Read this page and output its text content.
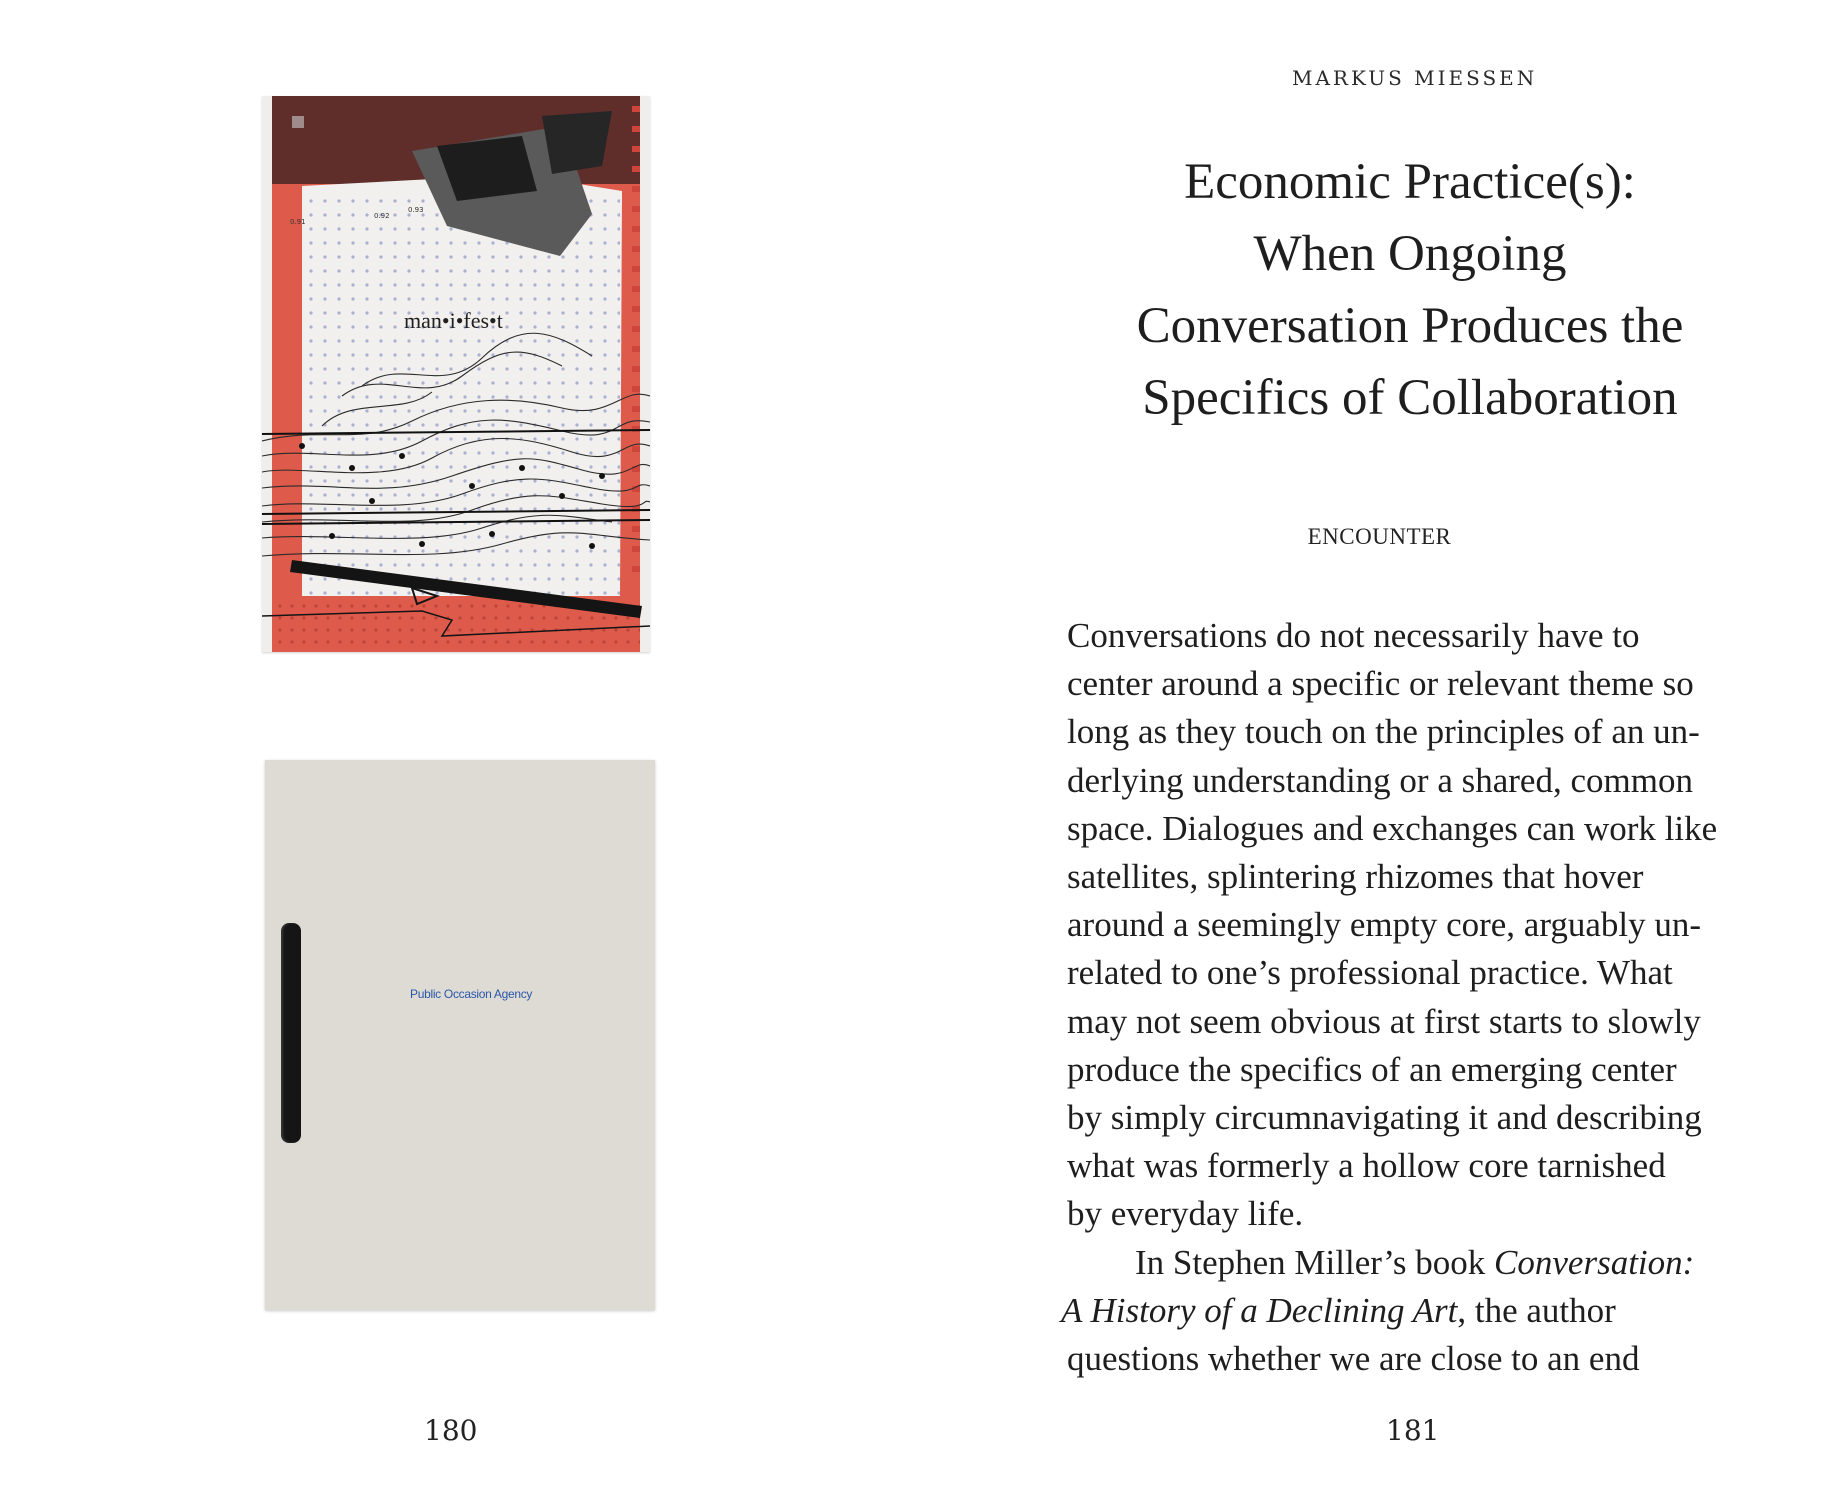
0.91
0.92
0.93
man•i•fes•t
Public Occasion Agency
180
MARKUS MIESSEN
Economic Practice(s):
When Ongoing
Conversation Produces the
Specifics of Collaboration
ENCOUNTER
Conversations do not necessarily have to
center around a specific or relevant theme so
long as they touch on the principles of an un-
derlying understanding or a shared, common
space. Dialogues and exchanges can work like
satellites, splintering rhizomes that hover
around a seemingly empty core, arguably un-
related to one’s professional practice. What
may not seem obvious at first starts to slowly
produce the specifics of an emerging center
by simply circumnavigating it and describing
what was formerly a hollow core tarnished
by everyday life.
In Stephen Miller’s book Conversation:
A History of a Declining Art, the author
questions whether we are close to an end
181
